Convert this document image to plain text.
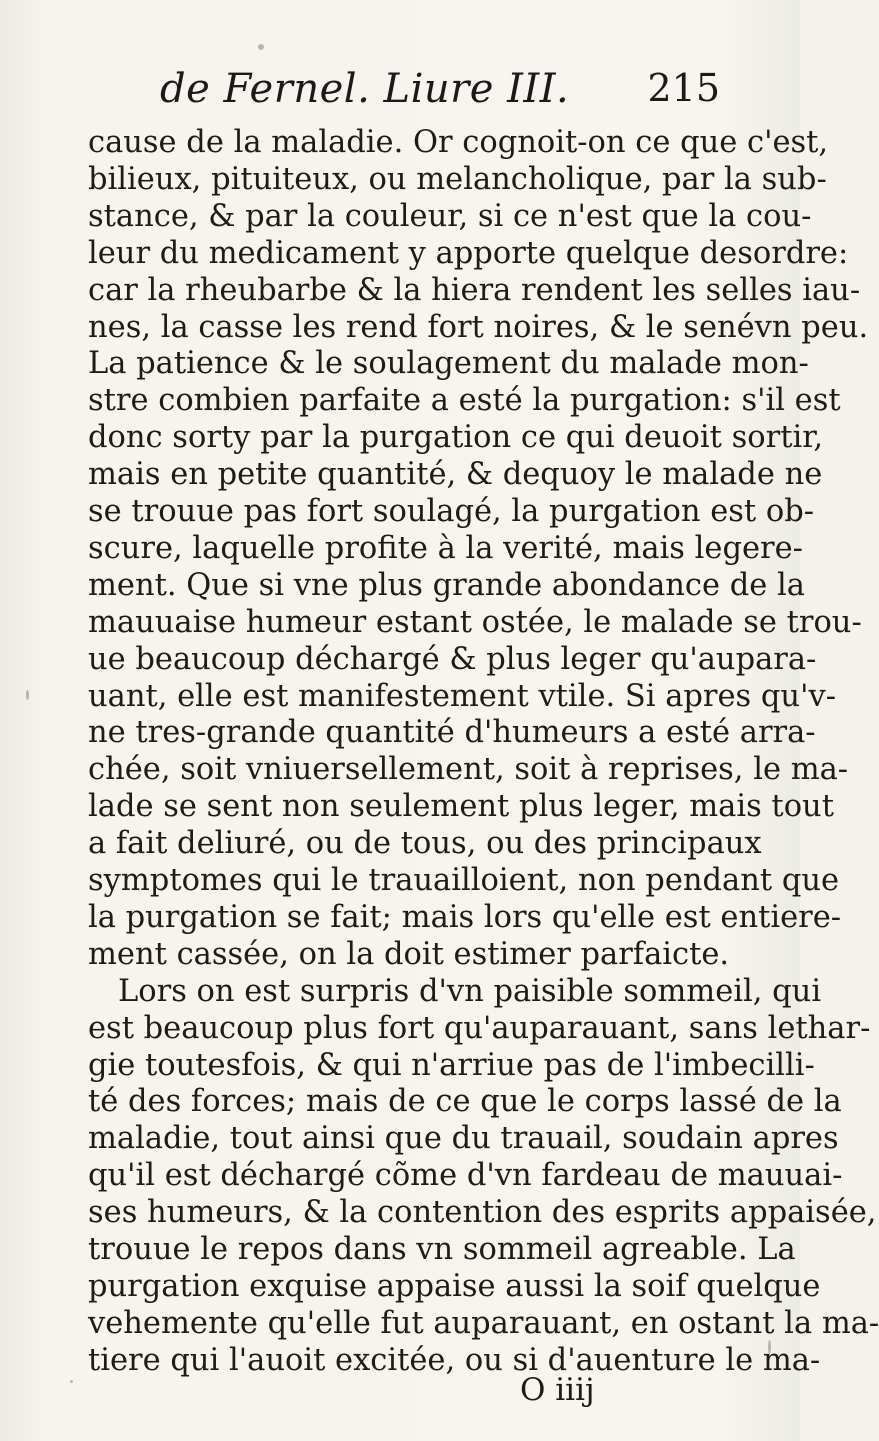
de Fernel. Liure III. 215
cause de la maladie. Or cognoit-on ce que c'est,
bilieux, pituiteux, ou melancholique, par la sub-
stance, & par la couleur, si ce n'est que la cou-
leur du medicament y apporte quelque desordre:
car la rheubarbe & la hiera rendent les selles iau-
nes, la casse les rend fort noires, & le senévn peu.
La patience & le soulagement du malade mon-
stre combien parfaite a esté la purgation: s'il est
donc sorty par la purgation ce qui deuoit sortir,
mais en petite quantité, & dequoy le malade ne
se trouue pas fort soulagé, la purgation est ob-
scure, laquelle profite à la verité, mais legere-
ment. Que si vne plus grande abondance de la
mauuaise humeur estant ostée, le malade se trou-
ue beaucoup déchargé & plus leger qu'aupara-
uant, elle est manifestement vtile. Si apres qu'v-
ne tres-grande quantité d'humeurs a esté arra-
chée, soit vniuersellement, soit à reprises, le ma-
lade se sent non seulement plus leger, mais tout
a fait deliuré, ou de tous, ou des principaux
symptomes qui le trauailloient, non pendant que
la purgation se fait; mais lors qu'elle est entiere-
ment cassée, on la doit estimer parfaicte.
Lors on est surpris d'vn paisible sommeil, qui
est beaucoup plus fort qu'auparauant, sans lethar-
gie toutesfois, & qui n'arriue pas de l'imbecilli-
té des forces; mais de ce que le corps lassé de la
maladie, tout ainsi que du trauail, soudain apres
qu'il est déchargé cõme d'vn fardeau de mauuai-
ses humeurs, & la contention des esprits appaisée,
trouue le repos dans vn sommeil agreable. La
purgation exquise appaise aussi la soif quelque
vehemente qu'elle fut auparauant, en ostant la ma-
tiere qui l'auoit excitée, ou si d'auenture le ma-
O iiij
